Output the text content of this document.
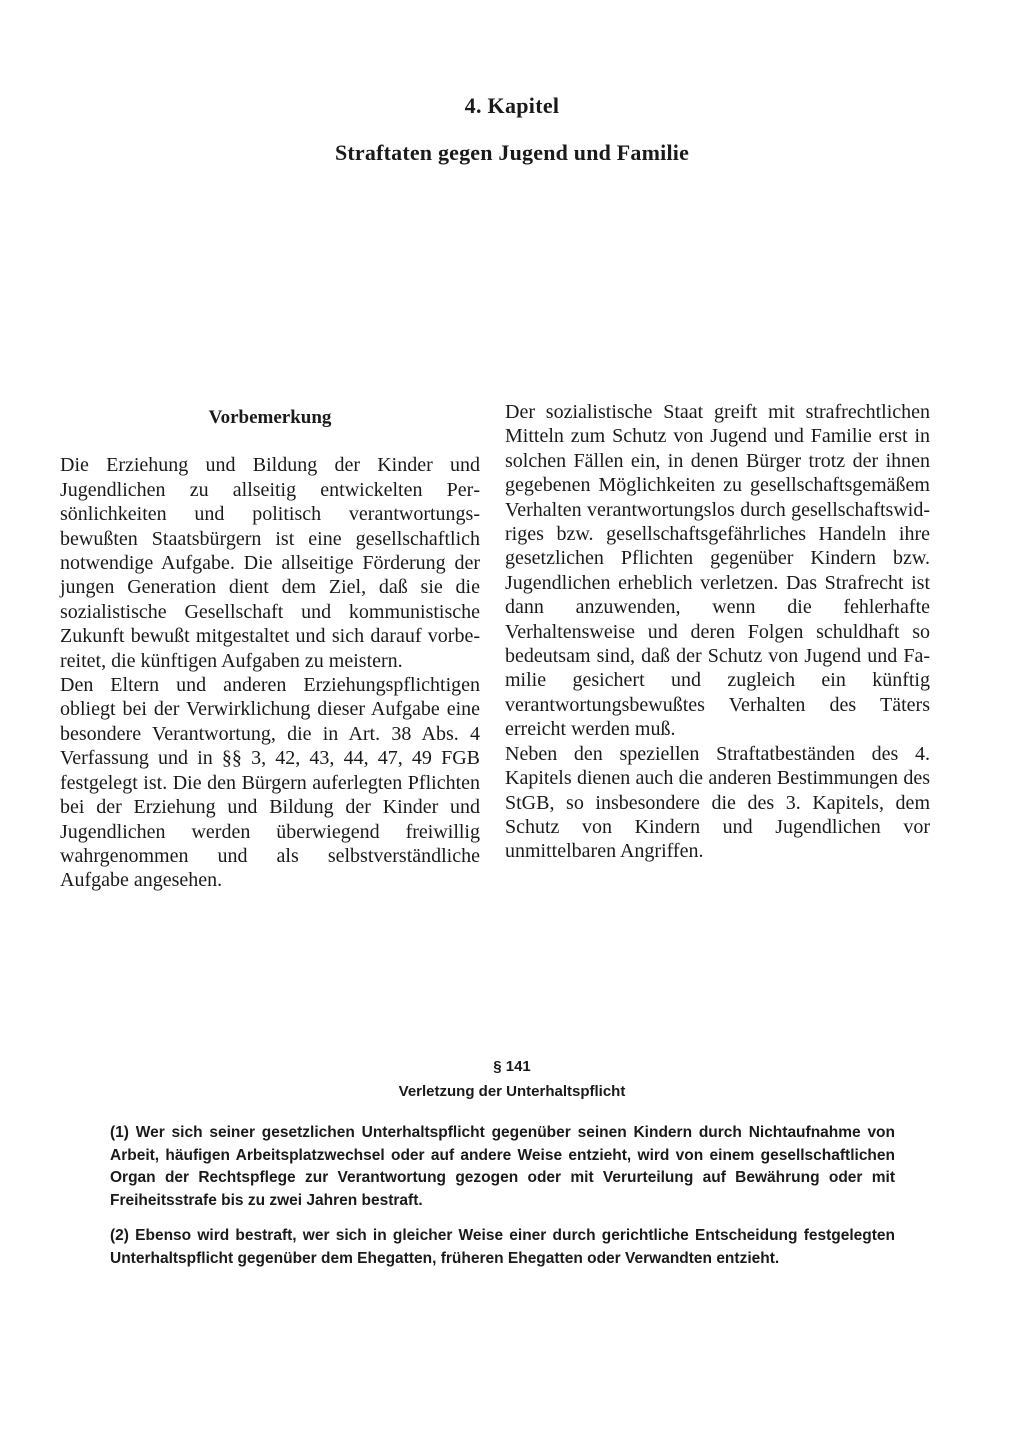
4. Kapitel
Straftaten gegen Jugend und Familie
Vorbemerkung

Die Erziehung und Bildung der Kinder und Jugendlichen zu allseitig entwickelten Persönlichkeiten und politisch verantwortungsbewußten Staatsbürgern ist eine gesellschaftlich notwendige Aufgabe. Die allseitige Förderung der jungen Generation dient dem Ziel, daß sie die sozialistische Gesellschaft und kommunistische Zukunft bewußt mitgestaltet und sich darauf vorbereitet, die künftigen Aufgaben zu meistern.

Den Eltern und anderen Erziehungspflichtigen obliegt bei der Verwirklichung dieser Aufgabe eine besondere Verantwortung, die in Art. 38 Abs. 4 Verfassung und in §§ 3, 42, 43, 44, 47, 49 FGB festgelegt ist. Die den Bürgern auferlegten Pflichten bei der Erziehung und Bildung der Kinder und Jugendlichen werden überwiegend freiwillig wahrgenommen und als selbstverständliche Aufgabe angesehen.

Der sozialistische Staat greift mit strafrechtlichen Mitteln zum Schutz von Jugend und Familie erst in solchen Fällen ein, in denen Bürger trotz der ihnen gegebenen Möglichkeiten zu gesellschaftsgemäßem Verhalten verantwortungslos durch gesellschaftswidriges bzw. gesellschaftsgefährliches Handeln ihre gesetzlichen Pflichten gegenüber Kindern bzw. Jugendlichen erheblich verletzen. Das Strafrecht ist dann anzuwenden, wenn die fehlerhafte Verhaltensweise und deren Folgen schuldhaft so bedeutsam sind, daß der Schutz von Jugend und Familie gesichert und zugleich ein künftig verantwortungsbewußtes Verhalten des Täters erreicht werden muß.

Neben den speziellen Straftatbeständen des 4. Kapitels dienen auch die anderen Bestimmungen des StGB, so insbesondere die des 3. Kapitels, dem Schutz von Kindern und Jugendlichen vor unmittelbaren Angriffen.

§ 141
Verletzung der Unterhaltspflicht

(1) Wer sich seiner gesetzlichen Unterhaltspflicht gegenüber seinen Kindern durch Nichtaufnahme von Arbeit, häufigen Arbeitsplatzwechsel oder auf andere Weise entzieht, wird von einem gesellschaftlichen Organ der Rechtspflege zur Verantwortung gezogen oder mit Verurteilung auf Bewährung oder mit Freiheitsstrafe bis zu zwei Jahren bestraft.

(2) Ebenso wird bestraft, wer sich in gleicher Weise einer durch gerichtliche Entscheidung festgelegten Unterhaltspflicht gegenüber dem Ehegatten, früheren Ehegatten oder Verwandten entzieht.
